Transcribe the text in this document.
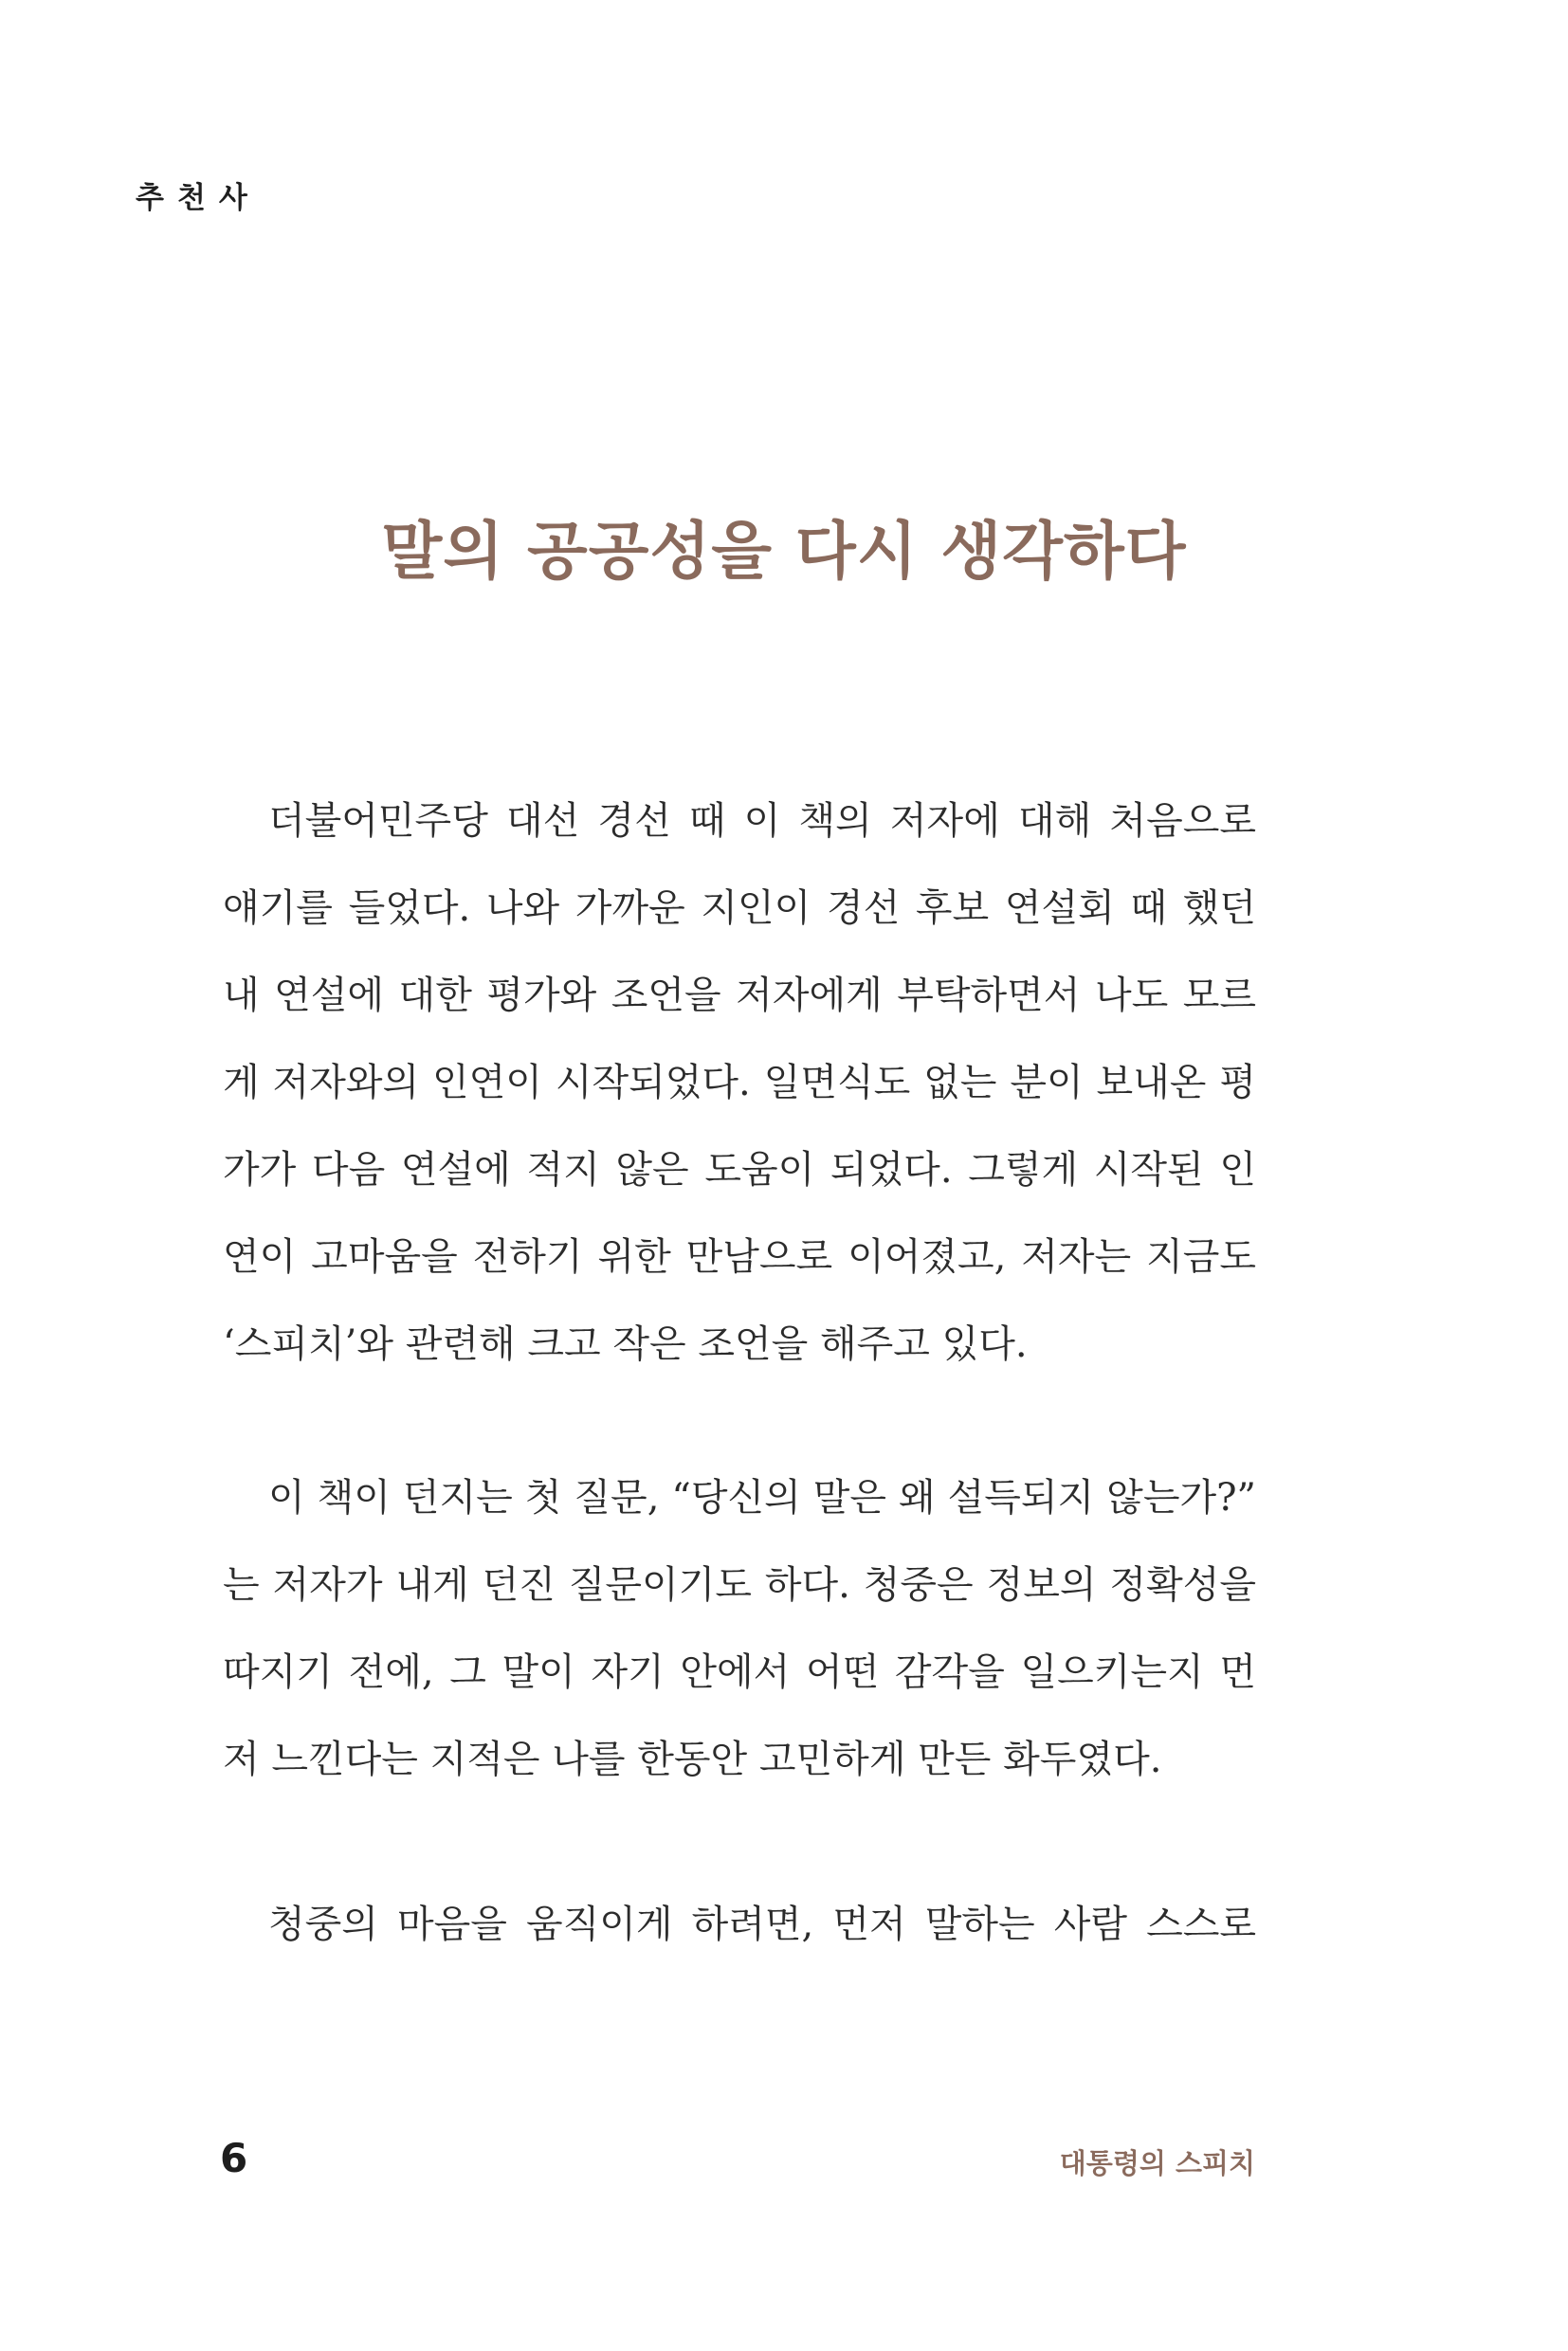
추천사
말의 공공성을 다시 생각하다
더불어민주당 대선 경선 때 이 책의 저자에 대해 처음으로
얘기를 들었다. 나와 가까운 지인이 경선 후보 연설회 때 했던
내 연설에 대한 평가와 조언을 저자에게 부탁하면서 나도 모르
게 저자와의 인연이 시작되었다. 일면식도 없는 분이 보내온 평
가가 다음 연설에 적지 않은 도움이 되었다. 그렇게 시작된 인
연이 고마움을 전하기 위한 만남으로 이어졌고, 저자는 지금도
‘스피치’와 관련해 크고 작은 조언을 해주고 있다.
이 책이 던지는 첫 질문, “당신의 말은 왜 설득되지 않는가?”
는 저자가 내게 던진 질문이기도 하다. 청중은 정보의 정확성을
따지기 전에, 그 말이 자기 안에서 어떤 감각을 일으키는지 먼
저 느낀다는 지적은 나를 한동안 고민하게 만든 화두였다.
청중의 마음을 움직이게 하려면, 먼저 말하는 사람 스스로
6	대통령의 스피치
